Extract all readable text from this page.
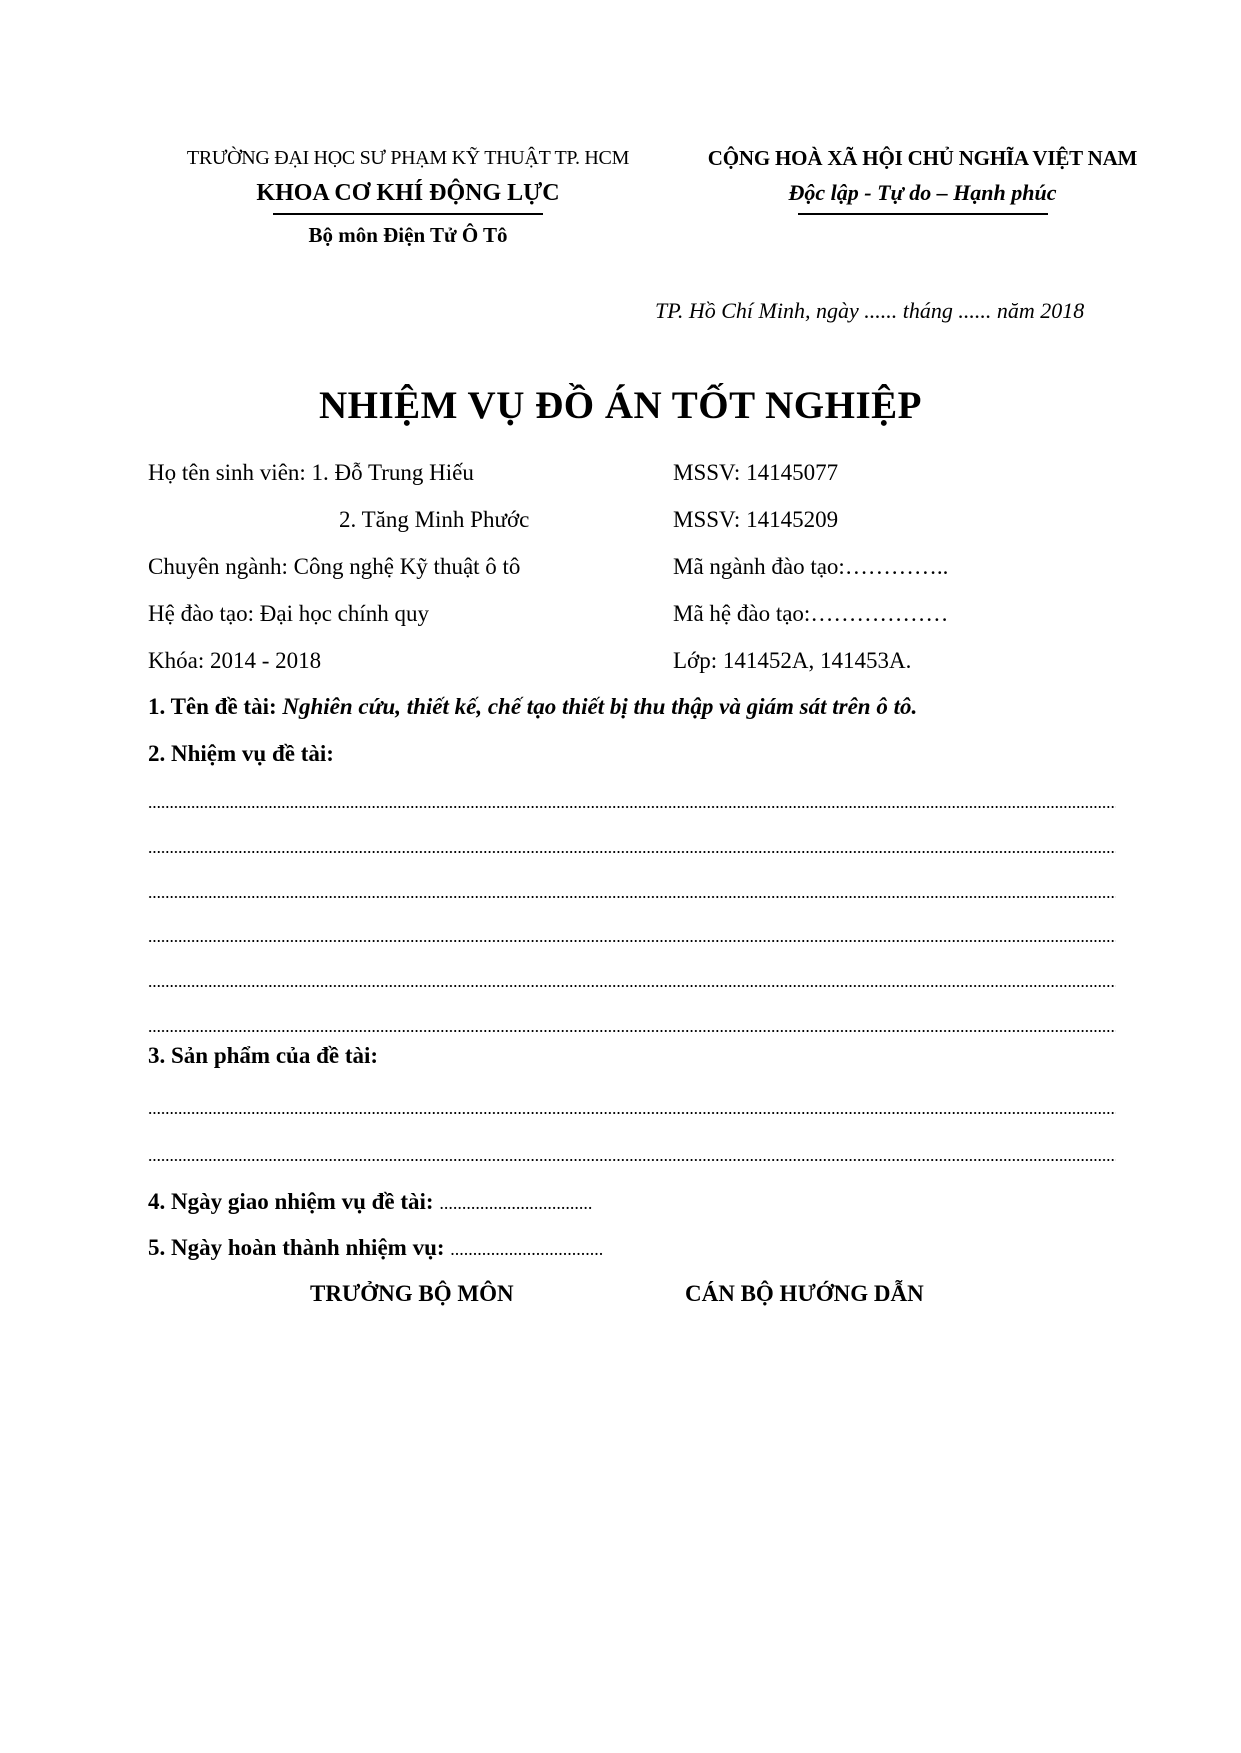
TRƯỜNG ĐẠI HỌC SƯ PHẠM KỸ THUẬT TP. HCM
KHOA CƠ KHÍ ĐỘNG LỰC
Bộ môn Điện Tử Ô Tô
CỘNG HOÀ XÃ HỘI CHỦ NGHĨA VIỆT NAM
Độc lập - Tự do – Hạnh phúc
TP. Hồ Chí Minh, ngày ...... tháng ...... năm 2018
NHIỆM VỤ ĐỒ ÁN TỐT NGHIỆP
Họ tên sinh viên: 1. Đỗ Trung Hiếu	MSSV: 14145077
2. Tăng Minh Phước	MSSV: 14145209
Chuyên ngành: Công nghệ Kỹ thuật ô tô	Mã ngành đào tạo:…………..
Hệ đào tạo: Đại học chính quy	Mã hệ đào tạo:………………
Khóa: 2014 - 2018	Lớp: 141452A, 141453A.
1. Tên đề tài: Nghiên cứu, thiết kế, chế tạo thiết bị thu thập và giám sát trên ô tô.
2. Nhiệm vụ đề tài:
3. Sản phẩm của đề tài:
4. Ngày giao nhiệm vụ đề tài: ..................................
5. Ngày hoàn thành nhiệm vụ: ..................................
TRƯỞNG BỘ MÔN	CÁN BỘ HƯỚNG DẪN
